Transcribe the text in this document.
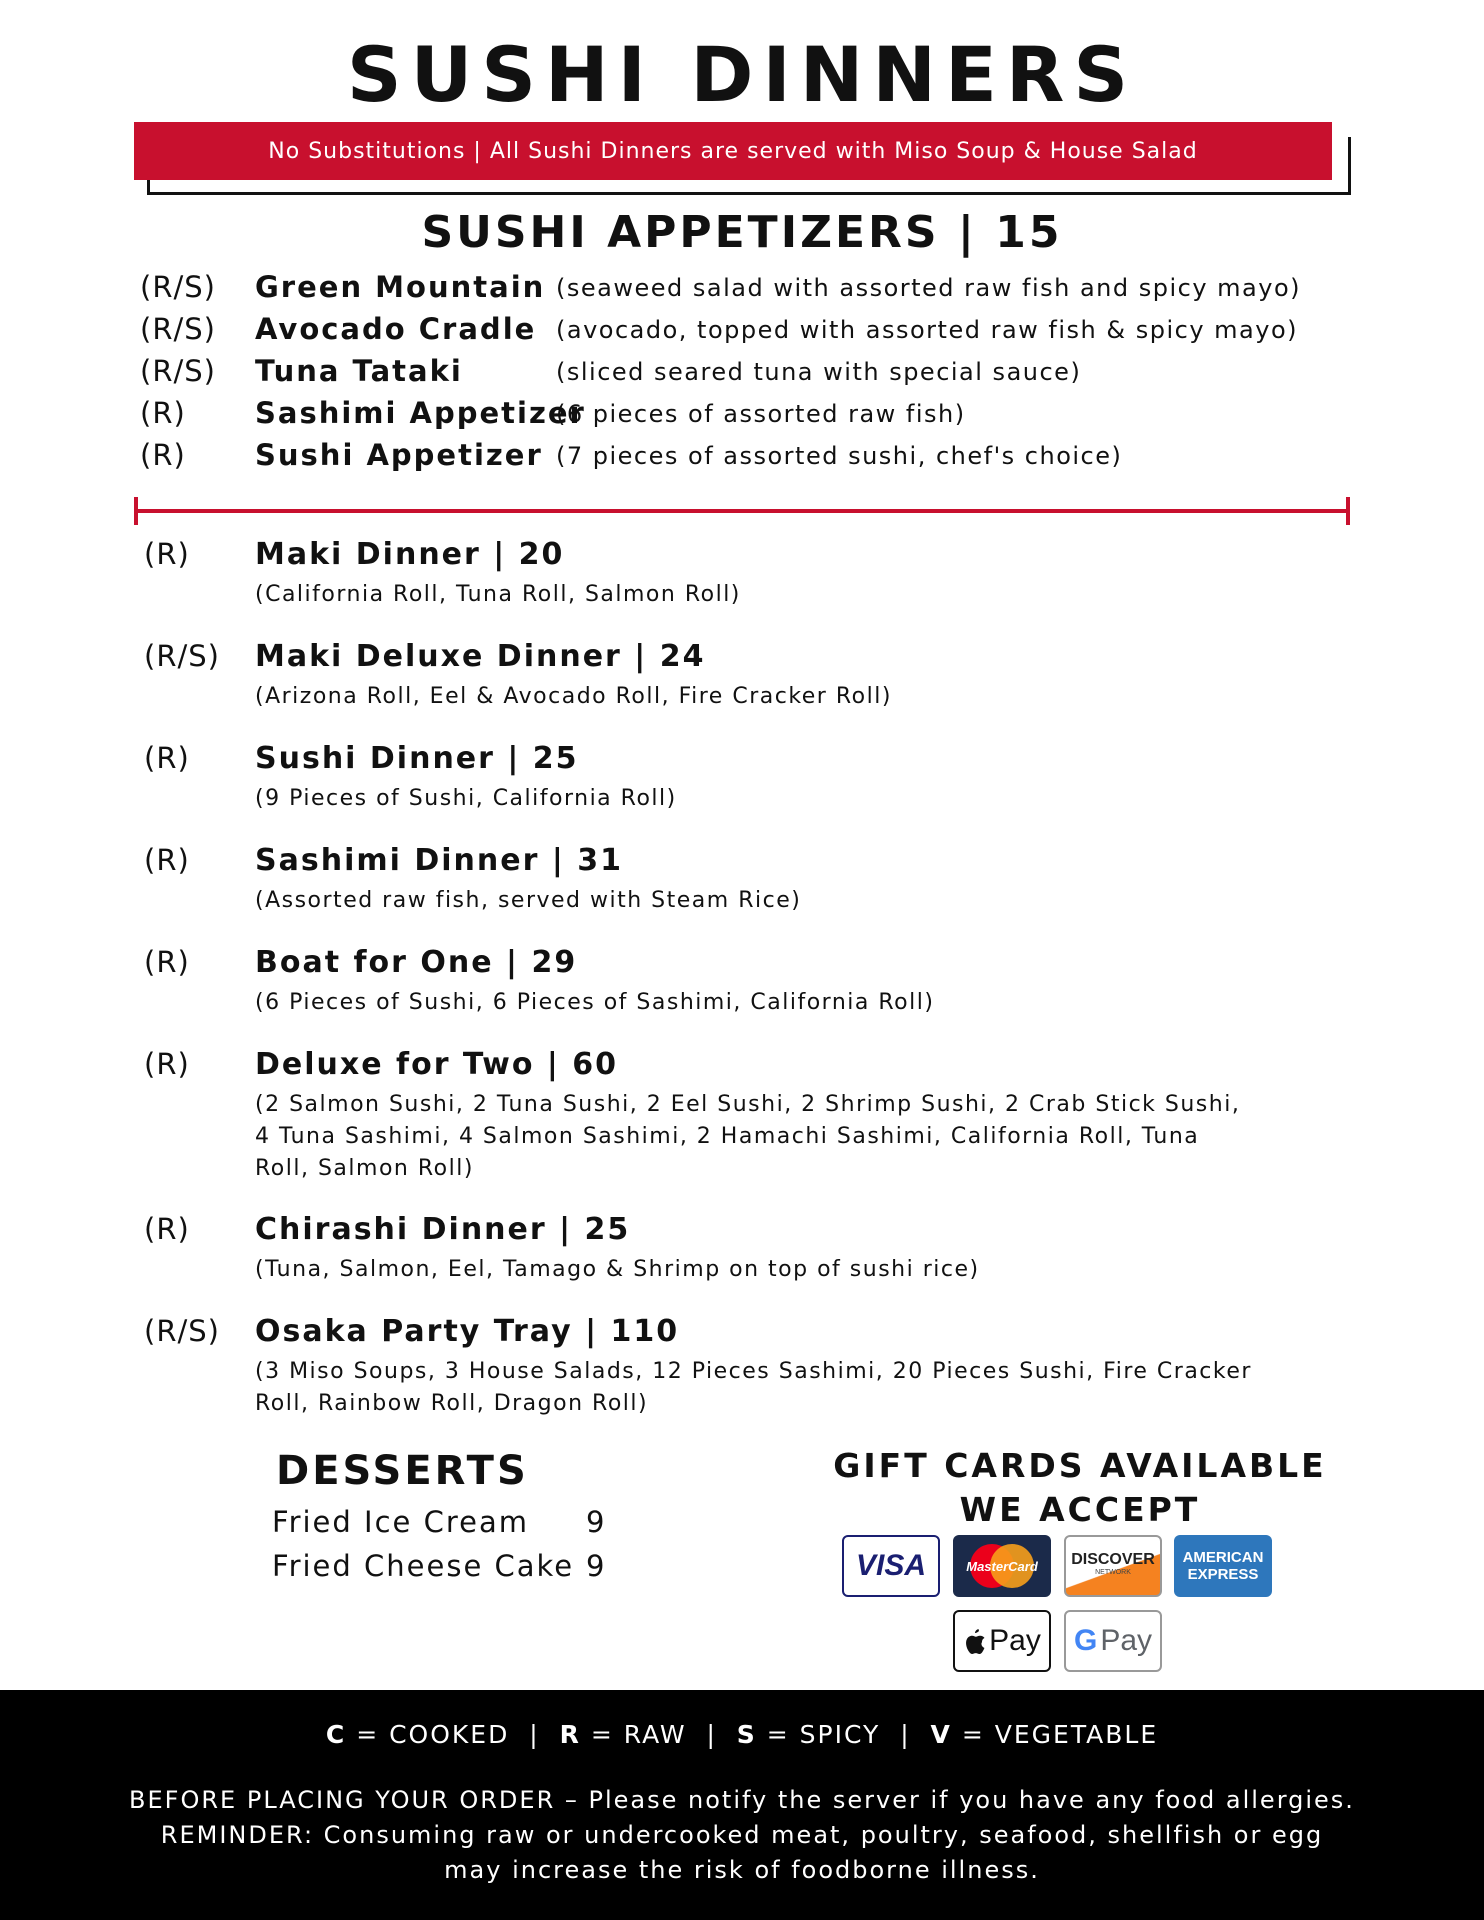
SUSHI DINNERS
No Substitutions | All Sushi Dinners are served with Miso Soup & House Salad
SUSHI APPETIZERS | 15
(R/S) Green Mountain (seaweed salad with assorted raw fish and spicy mayo)
(R/S) Avocado Cradle (avocado, topped with assorted raw fish & spicy mayo)
(R/S) Tuna Tataki	(sliced seared tuna with special sauce)
(R) Sashimi Appetizer
(6 pieces of assorted raw fish)
(R) Sushi Appetizer (7 pieces of assorted sushi, chef's choice)
(R) Maki Dinner | 20
(California Roll, Tuna Roll, Salmon Roll)
(R/S) Maki Deluxe Dinner | 24
(Arizona Roll, Eel & Avocado Roll, Fire Cracker Roll)
(R) Sushi Dinner | 25
(9 Pieces of Sushi, California Roll)
(R) Sashimi Dinner | 31
(Assorted raw fish, served with Steam Rice)
(R) Boat for One | 29
(6 Pieces of Sushi, 6 Pieces of Sashimi, California Roll)
(R) Deluxe for Two | 60
(2 Salmon Sushi, 2 Tuna Sushi, 2 Eel Sushi, 2 Shrimp Sushi, 2 Crab Stick Sushi, 4 Tuna Sashimi, 4 Salmon Sashimi, 2 Hamachi Sashimi, California Roll, Tuna Roll, Salmon Roll)
(R) Chirashi Dinner | 25
(Tuna, Salmon, Eel, Tamago & Shrimp on top of sushi rice)
(R/S) Osaka Party Tray | 110
(3 Miso Soups, 3 House Salads, 12 Pieces Sashimi, 20 Pieces Sushi, Fire Cracker Roll, Rainbow Roll, Dragon Roll)
DESSERTS
Fried Ice Cream 9
Fried Cheese Cake 9
GIFT CARDS AVAILABLE
WE ACCEPT
VISA	MasterCard DISCOVER
NETWORK
AMERICAN
EXPRESS
Pay G Pay
C = COOKED | R = RAW | S = SPICY | V = VEGETABLE
BEFORE PLACING YOUR ORDER – Please notify the server if you have any food allergies.
REMINDER: Consuming raw or undercooked meat, poultry, seafood, shellfish or egg
may increase the risk of foodborne illness.
